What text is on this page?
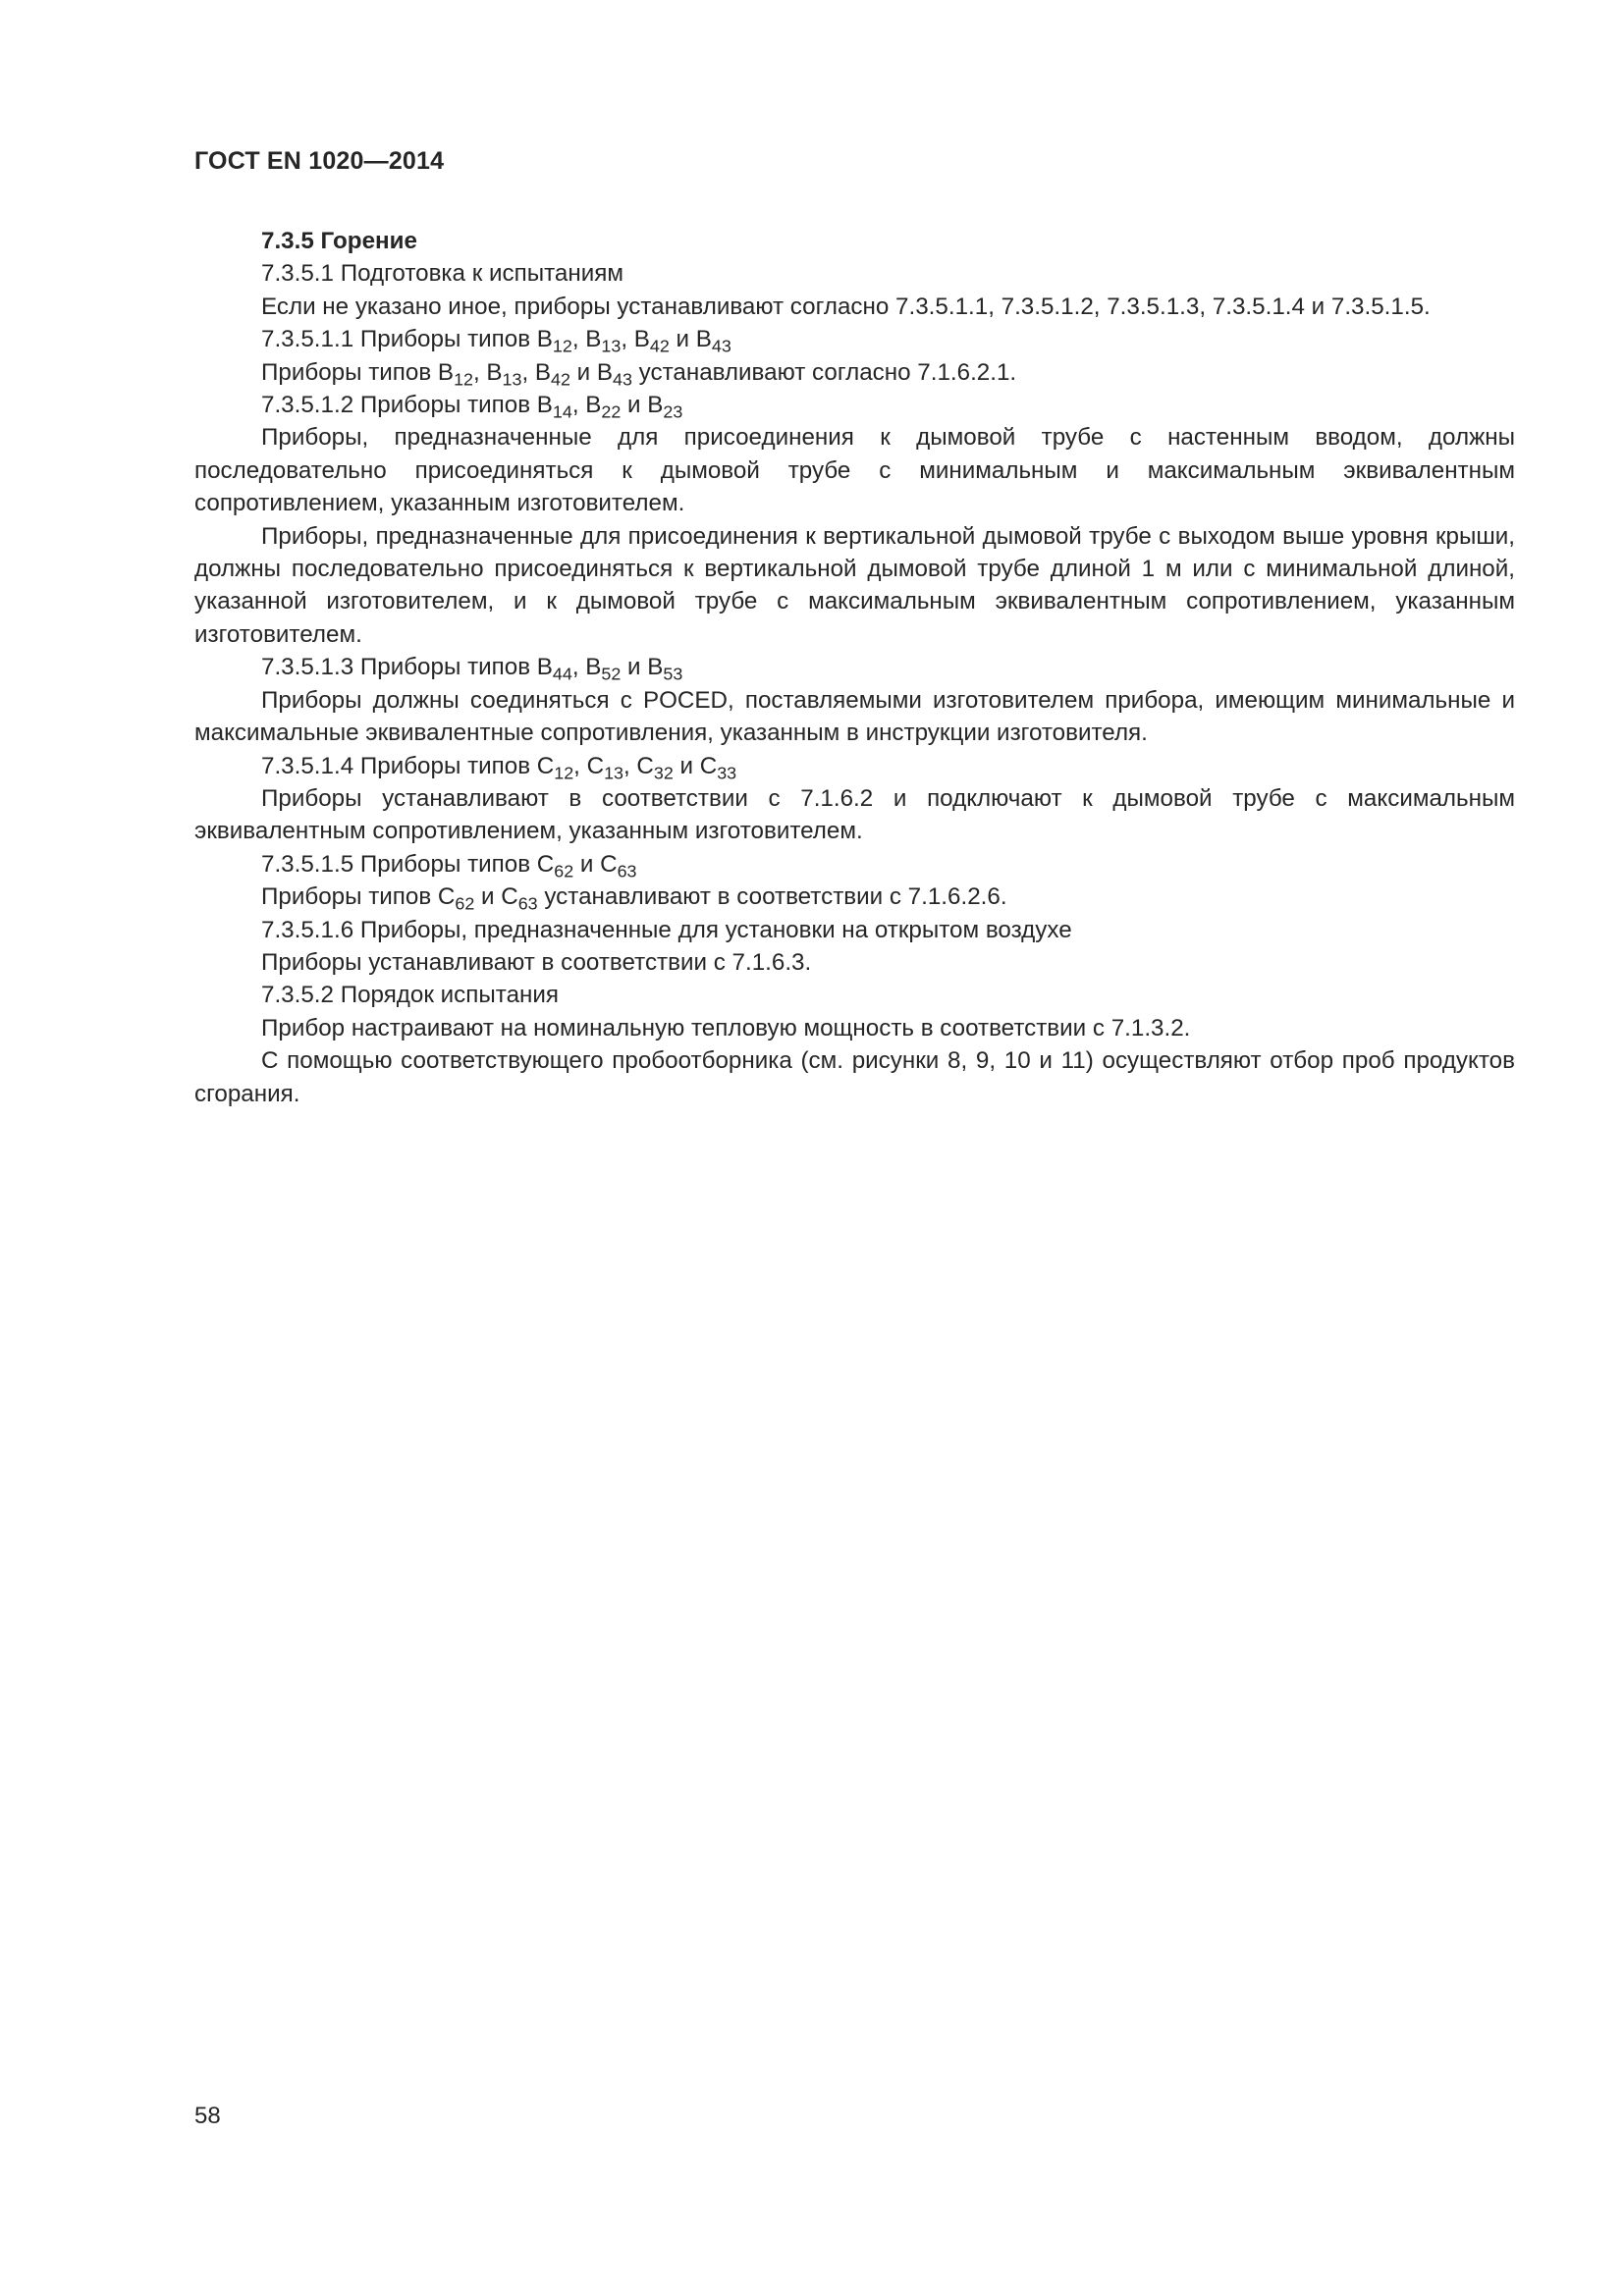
ГОСТ EN 1020—2014

7.3.5 Горение

7.3.5.1 Подготовка к испытаниям

Если не указано иное, приборы устанавливают согласно 7.3.5.1.1, 7.3.5.1.2, 7.3.5.1.3, 7.3.5.1.4 и 7.3.5.1.5.

7.3.5.1.1 Приборы типов $B_{12}$, $B_{13}$, $B_{42}$ и $B_{43}$

Приборы типов $B_{12}$, $B_{13}$, $B_{42}$ и $B_{43}$ устанавливают согласно 7.1.6.2.1.

7.3.5.1.2 Приборы типов $B_{14}$, $B_{22}$ и $B_{23}$

Приборы, предназначенные для присоединения к дымовой трубе с настенным вводом, должны последовательно присоединяться к дымовой трубе с минимальным и максимальным эквивалентным сопротивлением, указанным изготовителем.

Приборы, предназначенные для присоединения к вертикальной дымовой трубе с выходом выше уровня крыши, должны последовательно присоединяться к вертикальной дымовой трубе длиной 1 м или с минимальной длиной, указанной изготовителем, и к дымовой трубе с максимальным эквивалентным сопротивлением, указанным изготовителем.

7.3.5.1.3 Приборы типов $B_{44}$, $B_{52}$ и $B_{53}$

Приборы должны соединяться с POCED, поставляемыми изготовителем прибора, имеющим минимальные и максимальные эквивалентные сопротивления, указанным в инструкции изготовителя.

7.3.5.1.4 Приборы типов $C_{12}$, $C_{13}$, $C_{32}$ и $C_{33}$

Приборы устанавливают в соответствии с 7.1.6.2 и подключают к дымовой трубе с максимальным эквивалентным сопротивлением, указанным изготовителем.

7.3.5.1.5 Приборы типов $C_{62}$ и $C_{63}$

Приборы типов $C_{62}$ и $C_{63}$ устанавливают в соответствии с 7.1.6.2.6.

7.3.5.1.6 Приборы, предназначенные для установки на открытом воздухе

Приборы устанавливают в соответствии с 7.1.6.3.

7.3.5.2 Порядок испытания

Прибор настраивают на номинальную тепловую мощность в соответствии с 7.1.3.2.

С помощью соответствующего пробоотборника (см. рисунки 8, 9, 10 и 11) осуществляют отбор проб продуктов сгорания.

58
